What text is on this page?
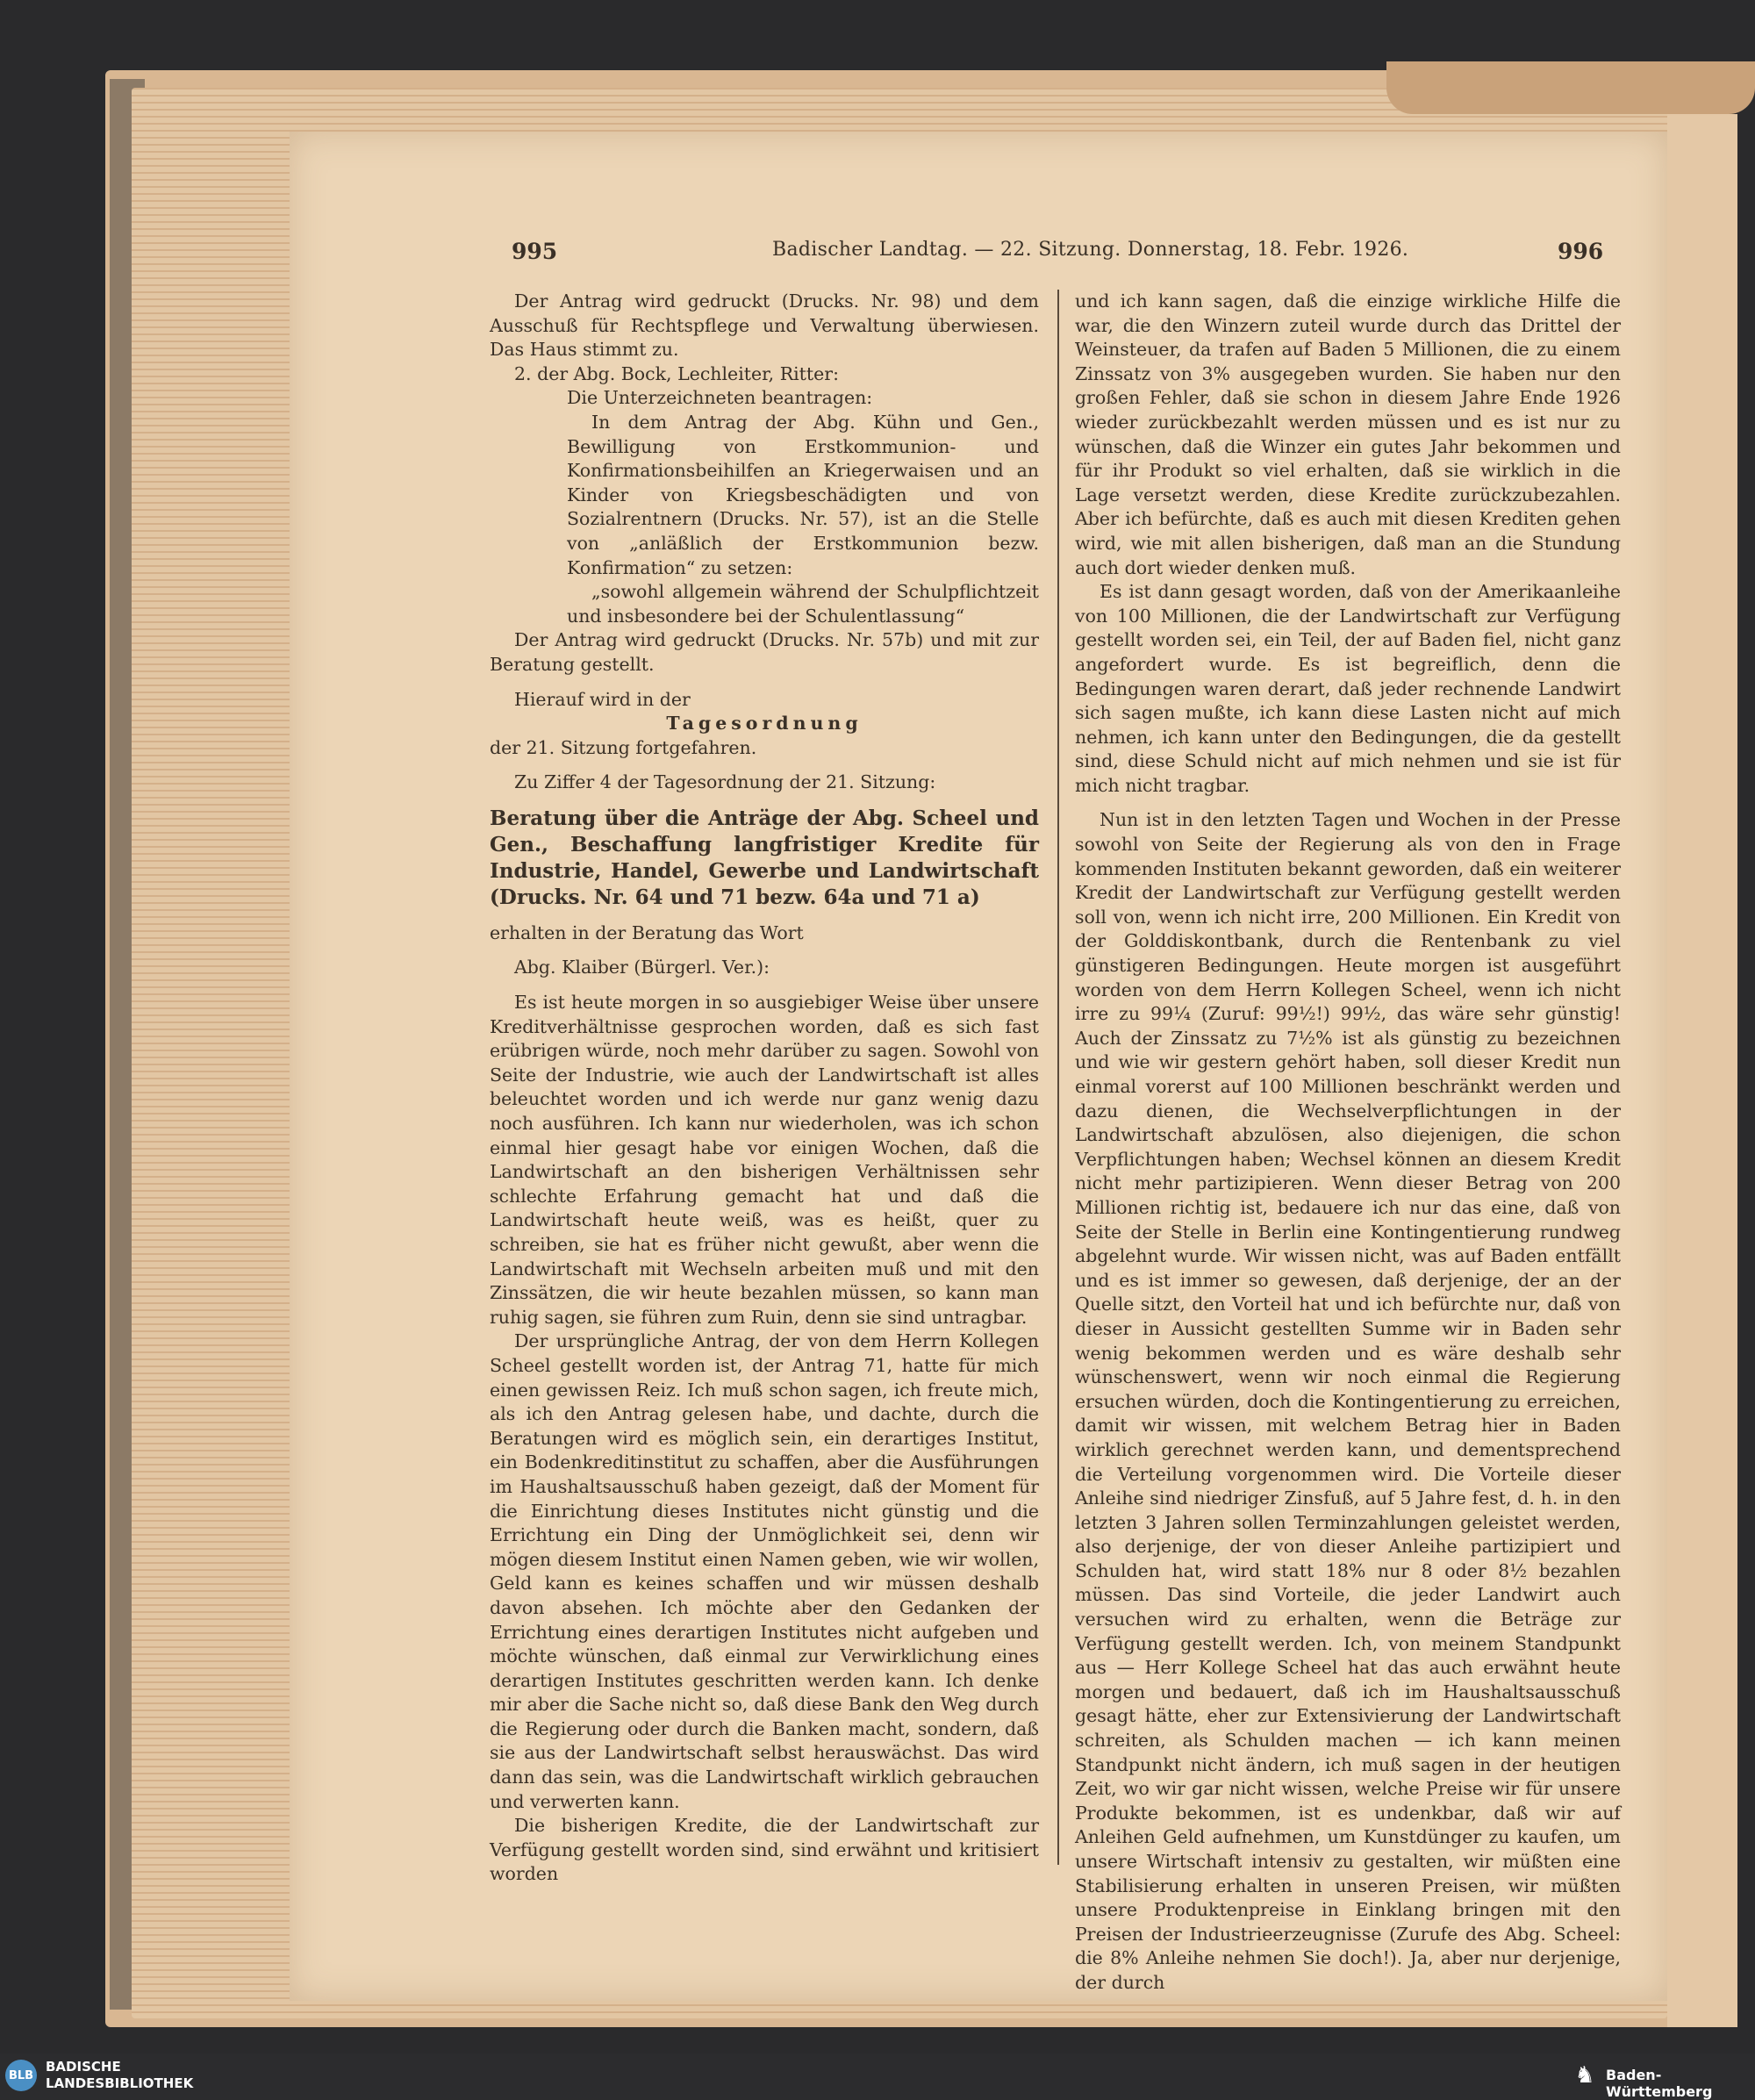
995	Badischer Landtag. — 22. Sitzung. Donnerstag, 18. Febr. 1926.	996

Der Antrag wird gedruckt (Drucks. Nr. 98) und dem Ausschuß für Rechtspflege und Verwaltung überwiesen. Das Haus stimmt zu.

2. der Abg. Bock, Lechleiter, Ritter:

Die Unterzeichneten beantragen:

In dem Antrag der Abg. Kühn und Gen., Bewilligung von Erstkommunion- und Konfirmationsbeihilfen an Kriegerwaisen und an Kinder von Kriegsbeschädigten und von Sozialrentnern (Drucks. Nr. 57), ist an die Stelle von „anläßlich der Erstkommunion bezw. Konfirmation“ zu setzen:

„sowohl allgemein während der Schulpflichtzeit und insbesondere bei der Schulentlassung“

Der Antrag wird gedruckt (Drucks. Nr. 57b) und mit zur Beratung gestellt.

Hierauf wird in der

Tagesordnung

der 21. Sitzung fortgefahren.

Zu Ziffer 4 der Tagesordnung der 21. Sitzung:

Beratung über die Anträge der Abg. Scheel und Gen., Beschaffung langfristiger Kredite für Industrie, Handel, Gewerbe und Landwirtschaft (Drucks. Nr. 64 und 71 bezw. 64a und 71 a)

erhalten in der Beratung das Wort

Abg. Klaiber (Bürgerl. Ver.):

Es ist heute morgen in so ausgiebiger Weise über unsere Kreditverhältnisse gesprochen worden, daß es sich fast erübrigen würde, noch mehr darüber zu sagen. Sowohl von Seite der Industrie, wie auch der Landwirtschaft ist alles beleuchtet worden und ich werde nur ganz wenig dazu noch ausführen. Ich kann nur wiederholen, was ich schon einmal hier gesagt habe vor einigen Wochen, daß die Landwirtschaft an den bisherigen Verhältnissen sehr schlechte Erfahrung gemacht hat und daß die Landwirtschaft heute weiß, was es heißt, quer zu schreiben, sie hat es früher nicht gewußt, aber wenn die Landwirtschaft mit Wechseln arbeiten muß und mit den Zinssätzen, die wir heute bezahlen müssen, so kann man ruhig sagen, sie führen zum Ruin, denn sie sind untragbar.

Der ursprüngliche Antrag, der von dem Herrn Kollegen Scheel gestellt worden ist, der Antrag 71, hatte für mich einen gewissen Reiz. Ich muß schon sagen, ich freute mich, als ich den Antrag gelesen habe, und dachte, durch die Beratungen wird es möglich sein, ein derartiges Institut, ein Bodenkreditinstitut zu schaffen, aber die Ausführungen im Haushaltsausschuß haben gezeigt, daß der Moment für die Einrichtung dieses Institutes nicht günstig und die Errichtung ein Ding der Unmöglichkeit sei, denn wir mögen diesem Institut einen Namen geben, wie wir wollen, Geld kann es keines schaffen und wir müssen deshalb davon absehen. Ich möchte aber den Gedanken der Errichtung eines derartigen Institutes nicht aufgeben und möchte wünschen, daß einmal zur Verwirklichung eines derartigen Institutes geschritten werden kann. Ich denke mir aber die Sache nicht so, daß diese Bank den Weg durch die Regierung oder durch die Banken macht, sondern, daß sie aus der Landwirtschaft selbst herauswächst. Das wird dann das sein, was die Landwirtschaft wirklich gebrauchen und verwerten kann.

Die bisherigen Kredite, die der Landwirtschaft zur Verfügung gestellt worden sind, sind erwähnt und kritisiert worden

und ich kann sagen, daß die einzige wirkliche Hilfe die war, die den Winzern zuteil wurde durch das Drittel der Weinsteuer, da trafen auf Baden 5 Millionen, die zu einem Zinssatz von 3% ausgegeben wurden. Sie haben nur den großen Fehler, daß sie schon in diesem Jahre Ende 1926 wieder zurückbezahlt werden müssen und es ist nur zu wünschen, daß die Winzer ein gutes Jahr bekommen und für ihr Produkt so viel erhalten, daß sie wirklich in die Lage versetzt werden, diese Kredite zurückzubezahlen. Aber ich befürchte, daß es auch mit diesen Krediten gehen wird, wie mit allen bisherigen, daß man an die Stundung auch dort wieder denken muß.

Es ist dann gesagt worden, daß von der Amerikaanleihe von 100 Millionen, die der Landwirtschaft zur Verfügung gestellt worden sei, ein Teil, der auf Baden fiel, nicht ganz angefordert wurde. Es ist begreiflich, denn die Bedingungen waren derart, daß jeder rechnende Landwirt sich sagen mußte, ich kann diese Lasten nicht auf mich nehmen, ich kann unter den Bedingungen, die da gestellt sind, diese Schuld nicht auf mich nehmen und sie ist für mich nicht tragbar.

Nun ist in den letzten Tagen und Wochen in der Presse sowohl von Seite der Regierung als von den in Frage kommenden Instituten bekannt geworden, daß ein weiterer Kredit der Landwirtschaft zur Verfügung gestellt werden soll von, wenn ich nicht irre, 200 Millionen. Ein Kredit von der Golddiskontbank, durch die Rentenbank zu viel günstigeren Bedingungen. Heute morgen ist ausgeführt worden von dem Herrn Kollegen Scheel, wenn ich nicht irre zu 99¼ (Zuruf: 99½!) 99½, das wäre sehr günstig! Auch der Zinssatz zu 7½% ist als günstig zu bezeichnen und wie wir gestern gehört haben, soll dieser Kredit nun einmal vorerst auf 100 Millionen beschränkt werden und dazu dienen, die Wechselverpflichtungen in der Landwirtschaft abzulösen, also diejenigen, die schon Verpflichtungen haben; Wechsel können an diesem Kredit nicht mehr partizipieren. Wenn dieser Betrag von 200 Millionen richtig ist, bedauere ich nur das eine, daß von Seite der Stelle in Berlin eine Kontingentierung rundweg abgelehnt wurde. Wir wissen nicht, was auf Baden entfällt und es ist immer so gewesen, daß derjenige, der an der Quelle sitzt, den Vorteil hat und ich befürchte nur, daß von dieser in Aussicht gestellten Summe wir in Baden sehr wenig bekommen werden und es wäre deshalb sehr wünschenswert, wenn wir noch einmal die Regierung ersuchen würden, doch die Kontingentierung zu erreichen, damit wir wissen, mit welchem Betrag hier in Baden wirklich gerechnet werden kann, und dementsprechend die Verteilung vorgenommen wird. Die Vorteile dieser Anleihe sind niedriger Zinsfuß, auf 5 Jahre fest, d. h. in den letzten 3 Jahren sollen Terminzahlungen geleistet werden, also derjenige, der von dieser Anleihe partizipiert und Schulden hat, wird statt 18% nur 8 oder 8½ bezahlen müssen. Das sind Vorteile, die jeder Landwirt auch versuchen wird zu erhalten, wenn die Beträge zur Verfügung gestellt werden. Ich, von meinem Standpunkt aus — Herr Kollege Scheel hat das auch erwähnt heute morgen und bedauert, daß ich im Haushaltsausschuß gesagt hätte, eher zur Extensivierung der Landwirtschaft schreiten, als Schulden machen — ich kann meinen Standpunkt nicht ändern, ich muß sagen in der heutigen Zeit, wo wir gar nicht wissen, welche Preise wir für unsere Produkte bekommen, ist es undenkbar, daß wir auf Anleihen Geld aufnehmen, um Kunstdünger zu kaufen, um unsere Wirtschaft intensiv zu gestalten, wir müßten eine Stabilisierung erhalten in unseren Preisen, wir müßten unsere Produktenpreise in Einklang bringen mit den Preisen der Industrieerzeugnisse (Zurufe des Abg. Scheel: die 8% Anleihe nehmen Sie doch!). Ja, aber nur derjenige, der durch

BLB
BADISCHE
LANDESBIBLIOTHEK	♞ Baden-Württemberg
